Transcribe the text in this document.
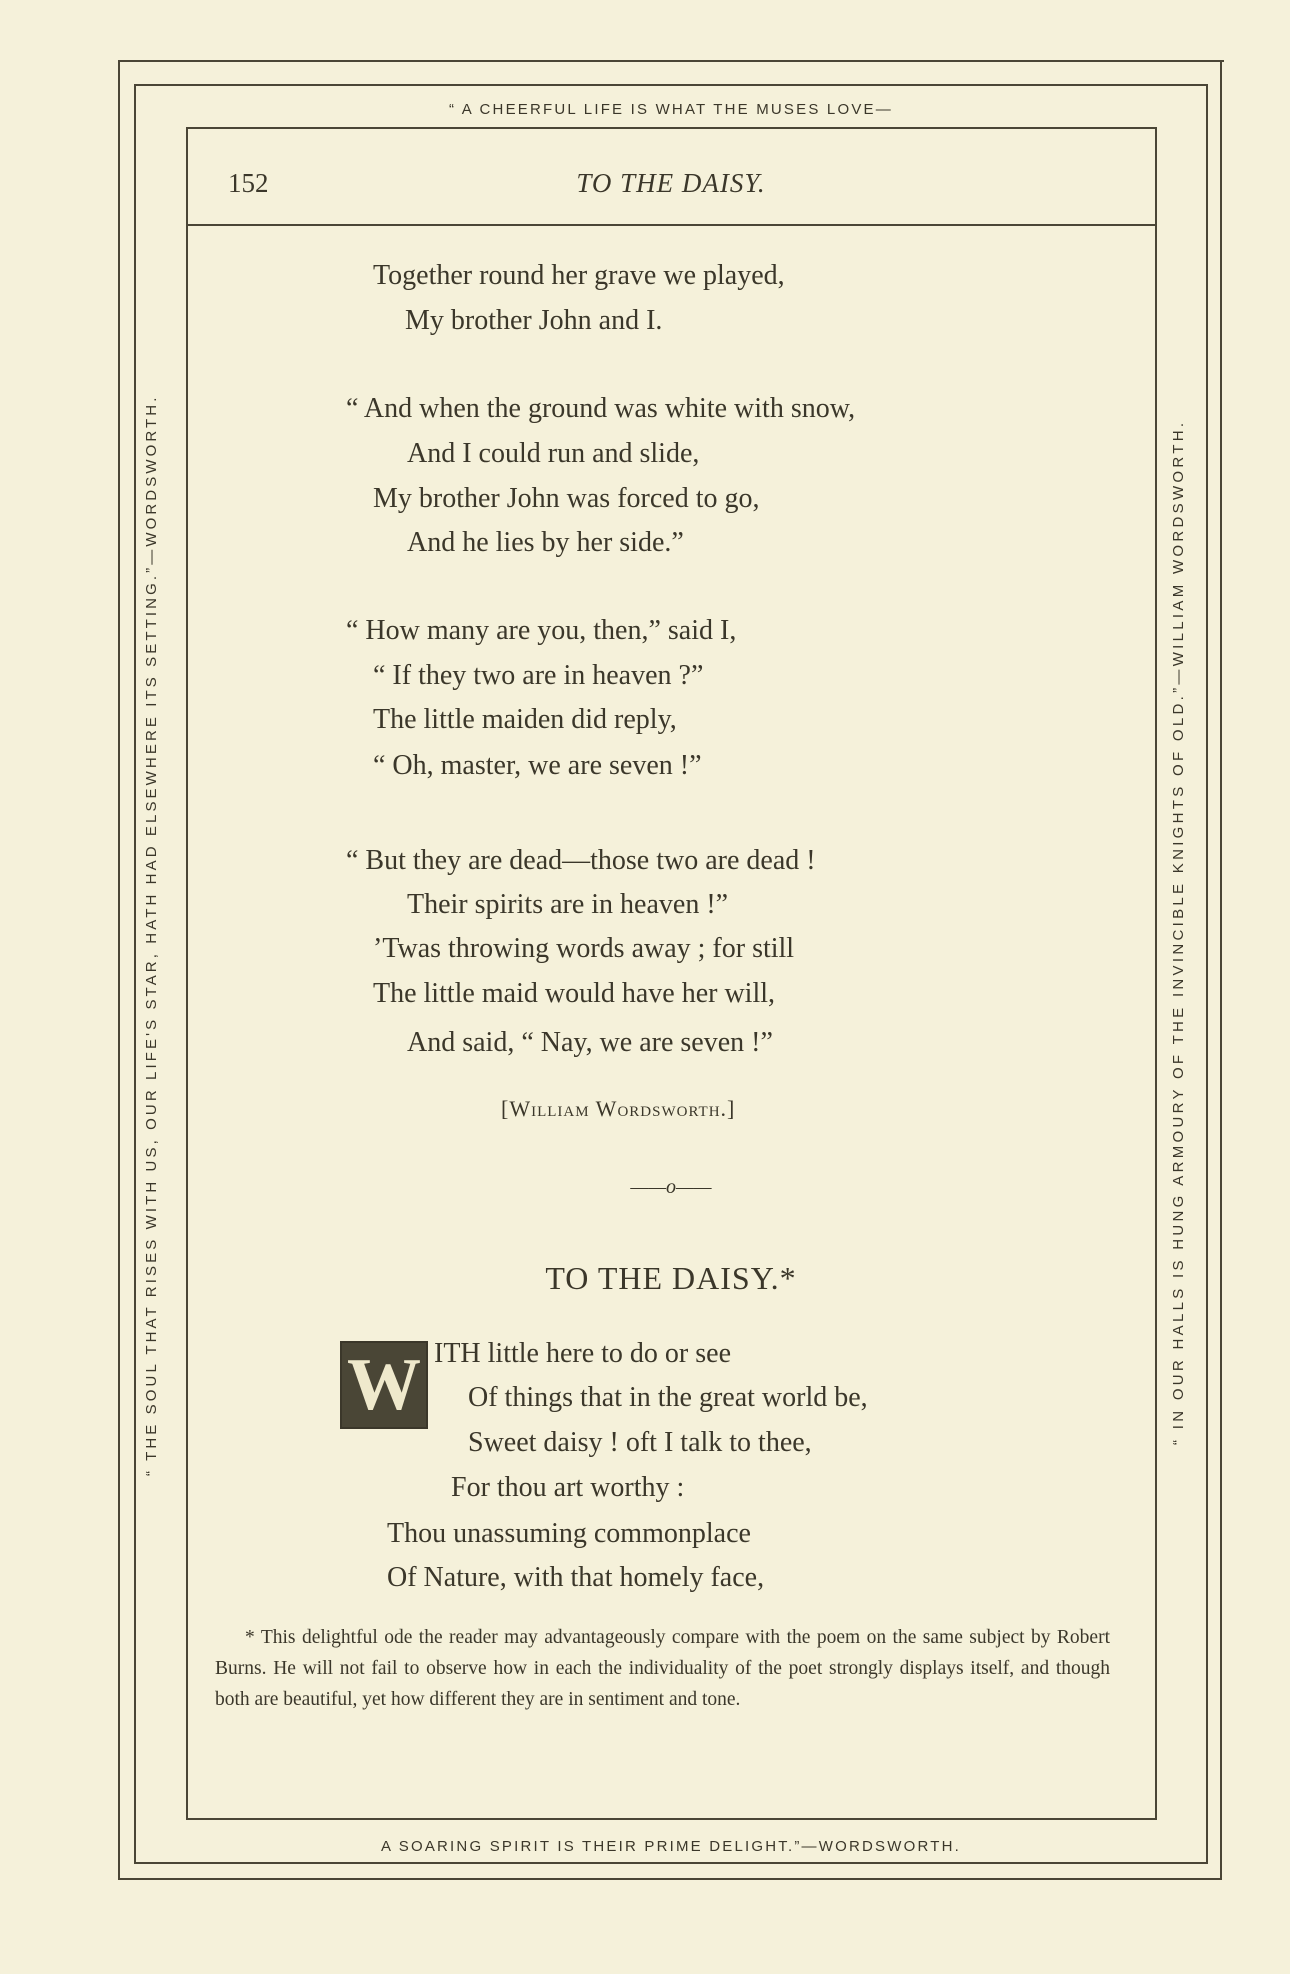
“ A CHEERFUL LIFE IS WHAT THE MUSES LOVE—
A SOARING SPIRIT IS THEIR PRIME DELIGHT.”—WORDSWORTH.
“ THE SOUL THAT RISES WITH US, OUR LIFE'S STAR, HATH HAD ELSEWHERE ITS SETTING.”—WORDSWORTH.	“ IN OUR HALLS IS HUNG ARMOURY OF THE INVINCIBLE KNIGHTS OF OLD.”—WILLIAM WORDSWORTH.
152	TO THE DAISY.
Together round her grave we played,
My brother John and I.
“ And when the ground was white with snow,
And I could run and slide,
My brother John was forced to go,
And he lies by her side.”
“ How many are you, then,” said I,
“ If they two are in heaven ?”
The little maiden did reply,
“ Oh, master, we are seven !”
“ But they are dead—those two are dead !
Their spirits are in heaven !”
’Twas throwing words away ; for still
The little maid would have her will,
And said, “ Nay, we are seven !”
[William Wordsworth.]
——o——
TO THE DAISY.*
W ITH little here to do or see
Of things that in the great world be,
Sweet daisy ! oft I talk to thee,
For thou art worthy :
Thou unassuming commonplace
Of Nature, with that homely face,
* This delightful ode the reader may advantageously compare with the poem on the same subject by Robert Burns. He will not fail to observe how in each the individuality of the poet strongly displays itself, and though both are beautiful, yet how different they are in sentiment and tone.
